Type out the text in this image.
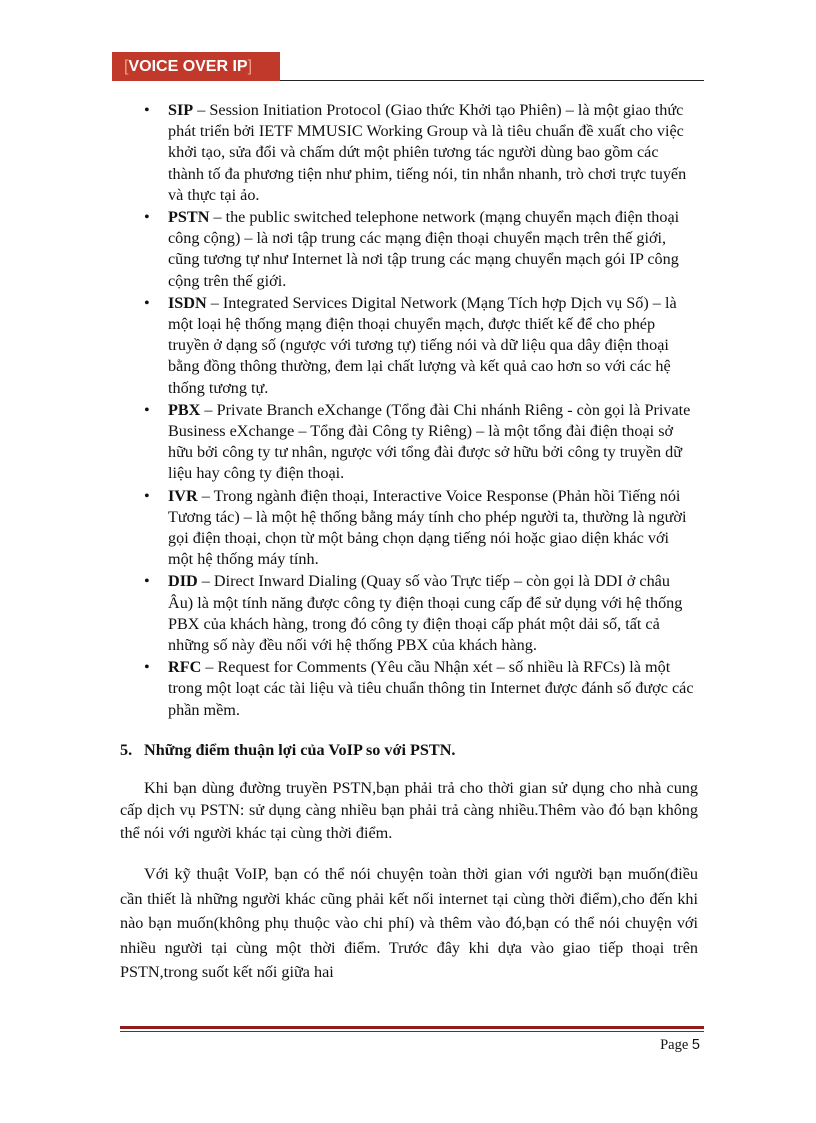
[VOICE OVER IP]
• SIP – Session Initiation Protocol (Giao thức Khởi tạo Phiên) – là một giao thức phát triển bởi IETF MMUSIC Working Group và là tiêu chuẩn đề xuất cho việc khởi tạo, sửa đổi và chấm dứt một phiên tương tác người dùng bao gồm các thành tố đa phương tiện như phim, tiếng nói, tin nhắn nhanh, trò chơi trực tuyến và thực tại ảo.
• PSTN – the public switched telephone network (mạng chuyển mạch điện thoại công cộng) – là nơi tập trung các mạng điện thoại chuyển mạch trên thế giới, cũng tương tự như Internet là nơi tập trung các mạng chuyển mạch gói IP công cộng trên thế giới.
• ISDN – Integrated Services Digital Network (Mạng Tích hợp Dịch vụ Số) – là một loại hệ thống mạng điện thoại chuyển mạch, được thiết kế để cho phép truyền ở dạng số (ngược với tương tự) tiếng nói và dữ liệu qua dây điện thoại bằng đồng thông thường, đem lại chất lượng và kết quả cao hơn so với các hệ thống tương tự.
• PBX – Private Branch eXchange (Tổng đài Chi nhánh Riêng - còn gọi là Private Business eXchange – Tổng đài Công ty Riêng) – là một tổng đài điện thoại sở hữu bởi công ty tư nhân, ngược với tổng đài được sở hữu bởi công ty truyền dữ liệu hay công ty điện thoại.
• IVR – Trong ngành điện thoại, Interactive Voice Response (Phản hồi Tiếng nói Tương tác) – là một hệ thống bằng máy tính cho phép người ta, thường là người gọi điện thoại, chọn từ một bảng chọn dạng tiếng nói hoặc giao diện khác với một hệ thống máy tính.
• DID – Direct Inward Dialing (Quay số vào Trực tiếp – còn gọi là DDI ở châu Âu) là một tính năng được công ty điện thoại cung cấp để sử dụng với hệ thống PBX của khách hàng, trong đó công ty điện thoại cấp phát một dải số, tất cả những số này đều nối với hệ thống PBX của khách hàng.
• RFC – Request for Comments (Yêu cầu Nhận xét – số nhiều là RFCs) là một trong một loạt các tài liệu và tiêu chuẩn thông tin Internet được đánh số được các phần mềm.
5. Những điểm thuận lợi của VoIP so với PSTN.

Khi bạn dùng đường truyền PSTN,bạn phải trả cho thời gian sử dụng cho nhà cung cấp dịch vụ PSTN: sử dụng càng nhiều bạn phải trả càng nhiều.Thêm vào đó bạn không thể nói với người khác tại cùng thời điểm.

Với kỹ thuật VoIP, bạn có thể nói chuyện toàn thời gian với người bạn muốn(điều cần thiết là những người khác cũng phải kết nối internet tại cùng thời điểm),cho đến khi nào bạn muốn(không phụ thuộc vào chi phí) và thêm vào đó,bạn có thể nói chuyện với nhiều người tại cùng một thời điểm. Trước đây khi dựa vào giao tiếp thoại trên PSTN,trong suốt kết nối giữa hai

Page 5
